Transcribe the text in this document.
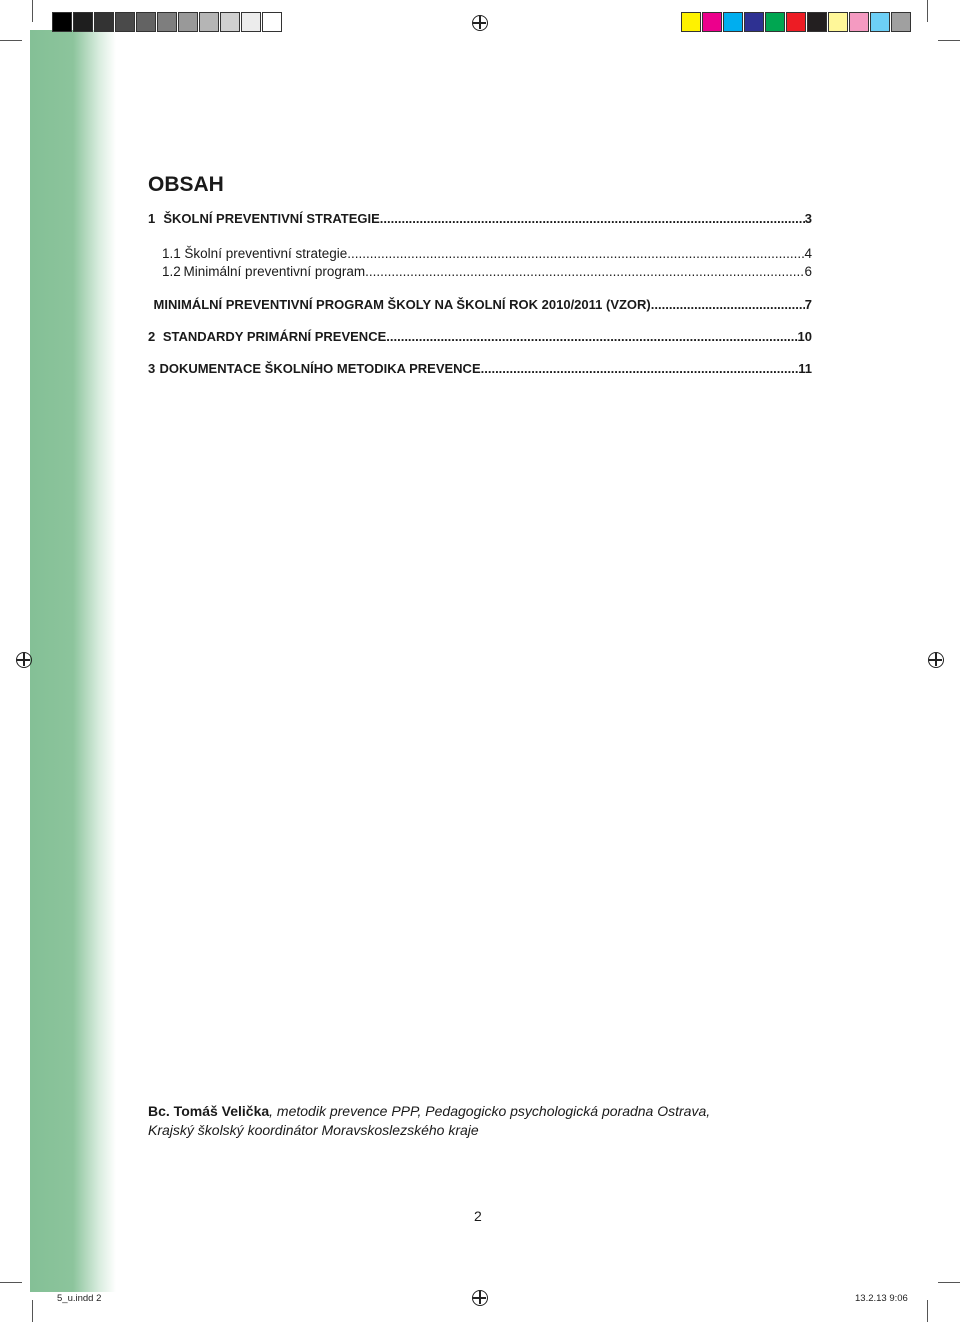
OBSAH
1 ŠKOLNÍ PREVENTIVNÍ STRATEGIE .....	3
1.1 Školní preventivní strategie .....	4
1.2 Minimální preventivní program .....	6
MINIMÁLNÍ PREVENTIVNÍ PROGRAM ŠKOLY NA ŠKOLNÍ ROK 2010/2011 (VZOR) .....	7
2 STANDARDY PRIMÁRNÍ PREVENCE .....	10
3 DOKUMENTACE ŠKOLNÍHO METODIKA PREVENCE .....	11
Bc. Tomáš Velička, metodik prevence PPP, Pedagogicko psychologická poradna Ostrava,
Krajský školský koordinátor Moravskoslezského kraje
2
5_u.indd 2	13.2.13 9:06
